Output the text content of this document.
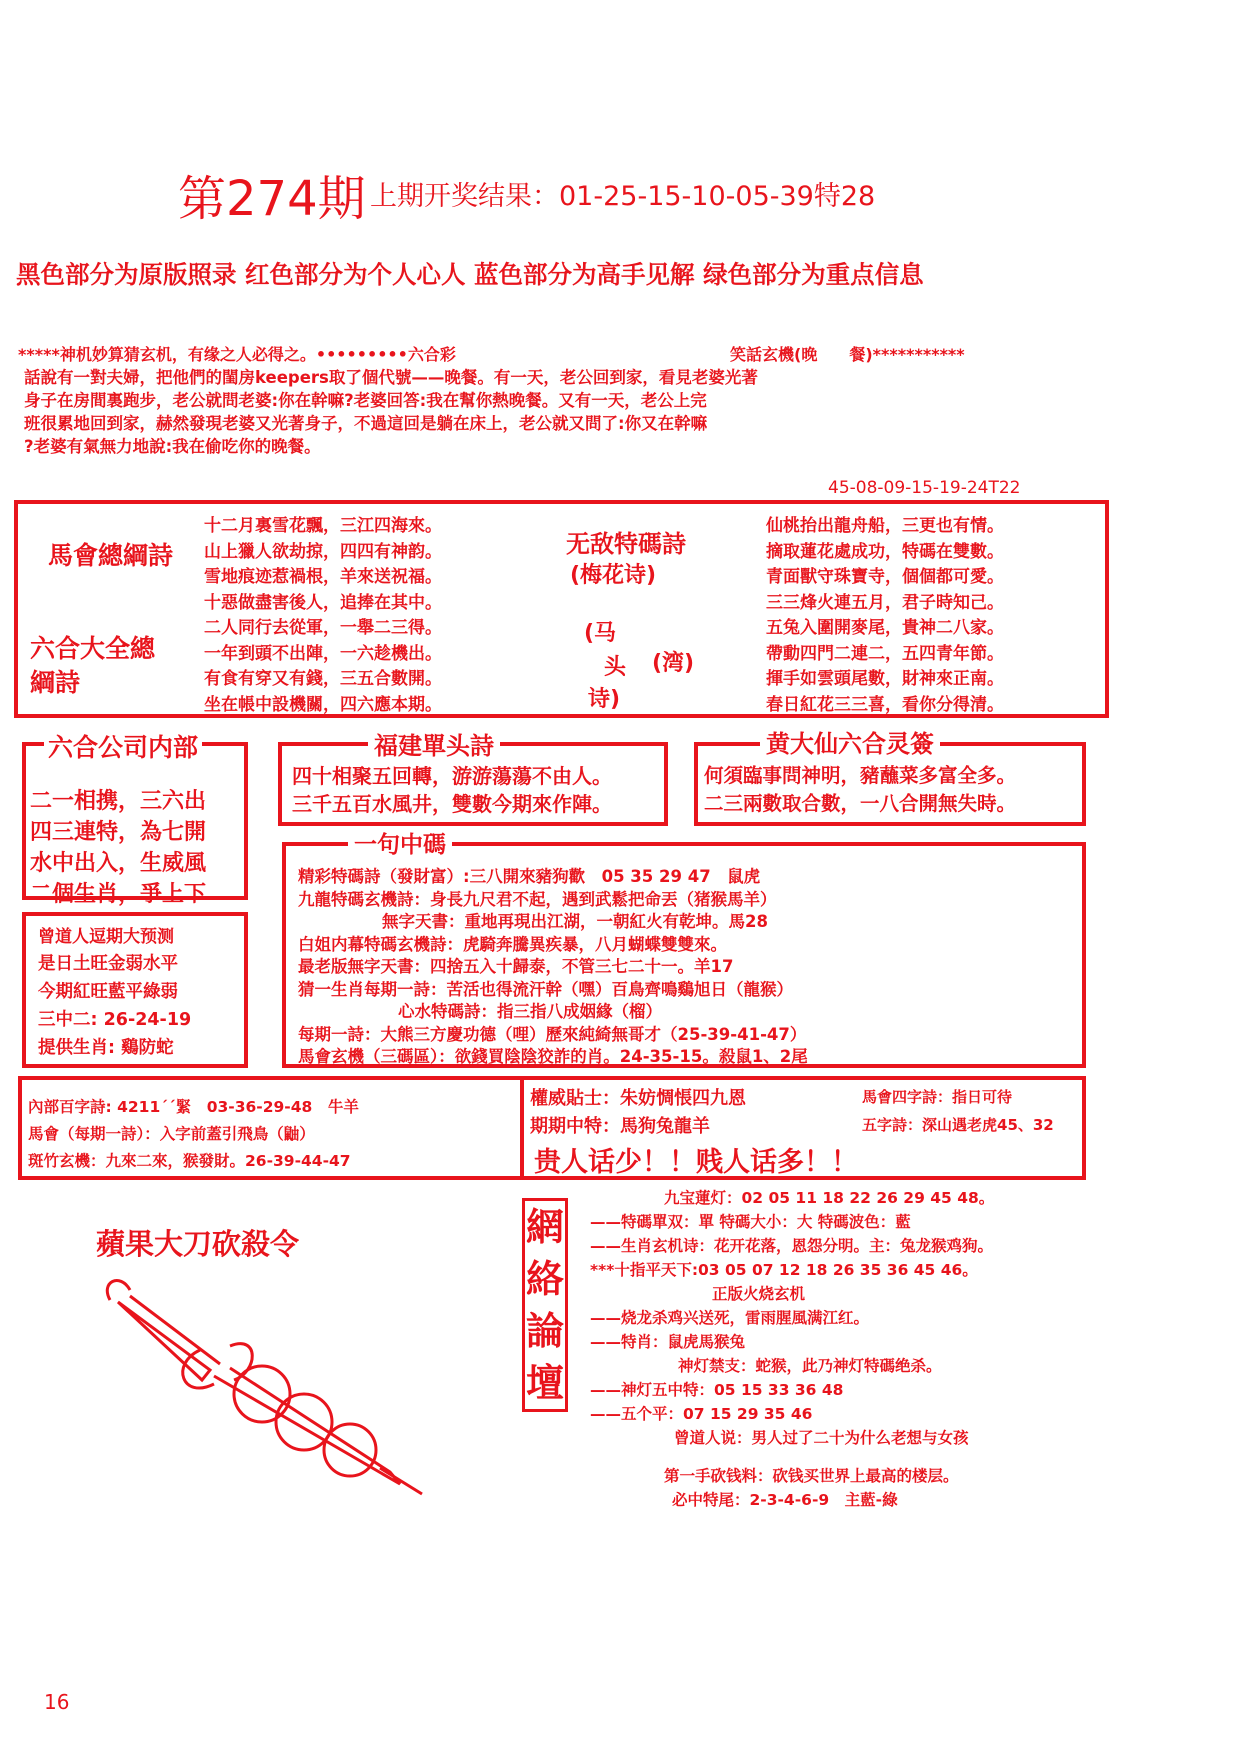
第274期 上期开奖结果：01-25-15-10-05-39特28
黑色部分为原版照录 红色部分为个人心人 蓝色部分为高手见解 绿色部分为重点信息
*****神机妙算猜玄机，有缘之人必得之。•••••••••六合彩	笑話玄機(晚　　餐)***********
話說有一對夫婦，把他們的閨房keepers取了個代號——晚餐。有一天，老公回到家，看見老婆光著
身子在房間裏跑步，老公就問老婆:你在幹嘛?老婆回答:我在幫你熱晚餐。又有一天，老公上完
班很累地回到家，赫然發現老婆又光著身子，不過這回是躺在床上，老公就又問了:你又在幹嘛
?老婆有氣無力地說:我在偷吃你的晚餐。
45-08-09-15-19-24T22
馬會總綱詩
六合大全總綱詩
十二月裏雪花飄，三江四海來。
山上獵人欲劫掠，四四有神韵。
雪地痕迹惹禍根，羊來送祝福。
十惡做盡害後人，追捧在其中。
二人同行去從軍，一舉二三得。
一年到頭不出陣，一六趁機出。
有食有穿又有錢，三五合數開。
坐在帳中設機關，四六應本期。
无敌特碼詩
(梅花诗)
(马
头
诗)
(湾)
仙桃抬出龍舟船，三更也有情。
摘取蓮花處成功，特碼在雙數。
青面獸守珠寶寺，個個都可愛。
三三烽火連五月，君子時知己。
五兔入圍開麥尾，貴神二八家。
帶動四門二連二，五四青年節。
揮手如雲頭尾數，財神來正南。
春日紅花三三喜，看你分得清。
二一相携，三六出
四三連特，為七開
水中出入，生威風
二個生肖，爭上下
六合公司内部
四十相聚五回轉，游游蕩蕩不由人。
三千五百水風井，雙數今期來作陣。
福建單头詩
何須臨事問神明，豬蘸菜多富全多。
二三兩數取合數，一八合開無失時。
黄大仙六合灵簽
曾道人逗期大预测
是日土旺金弱水平
今期紅旺藍平綠弱
三中二: 26-24-19
提供生肖: 鷄防蛇
精彩特碼詩（發財富）:三八開來豬狗歡　05 35 29 47　鼠虎
九龍特碼玄機詩：身長九尺君不起，遇到武鬆把命丟（猪猴馬羊）
無字天書：重地再現出江湖，一朝紅火有乾坤。馬28
白姐内幕特碼玄機詩：虎騎奔騰異疾暴，八月蝴蝶雙雙來。
最老版無字天書：四捨五入十歸泰，不管三七二十一。羊17
猜一生肖每期一詩：苦活也得流汗幹（嘿）百鳥齊鳴鷄旭日（龍猴）
心水特碼詩：指三指八成姻緣（榴）
每期一詩：大熊三方慶功德（哩）歷來純綺無哥才（25-39-41-47）
馬會玄機（三碼區）：欲錢買陰陰狡詐的肖。24-35-15。殺鼠1、2尾
一句中碼
內部百字詩: 4211´´緊　03-36-29-48　牛羊
馬會（每期一詩）：入字前蓋引飛鳥（鼬）
斑竹玄機：九來二來，猴發財。26-39-44-47
權威貼士：朱妨惆悵四九恩	馬會四字詩：指日可待
期期中特：馬狗兔龍羊	五字詩：深山遇老虎45、32
贵人话少！！贱人话多！！
蘋果大刀砍殺令	網
絡
論
壇
九宝蓮灯：02 05 11 18 22 26 29 45 48。
——特碼單双：單 特碼大小：大 特碼波色：藍
——生肖玄机诗：花开花落，恩怨分明。主：兔龙猴鸡狗。
***十指平天下:03 05 07 12 18 26 35 36 45 46。
正版火烧玄机
——烧龙杀鸡兴送死，雷雨腥風满江红。
——特肖：鼠虎馬猴兔
神灯禁支：蛇猴，此乃神灯特碼绝杀。
——神灯五中特：05 15 33 36 48
——五个平：07 15 29 35 46
曾道人说：男人过了二十为什么老想与女孩
第一手砍钱料：砍钱买世界上最高的楼层。
必中特尾：2-3-4-6-9　主藍-綠
16
